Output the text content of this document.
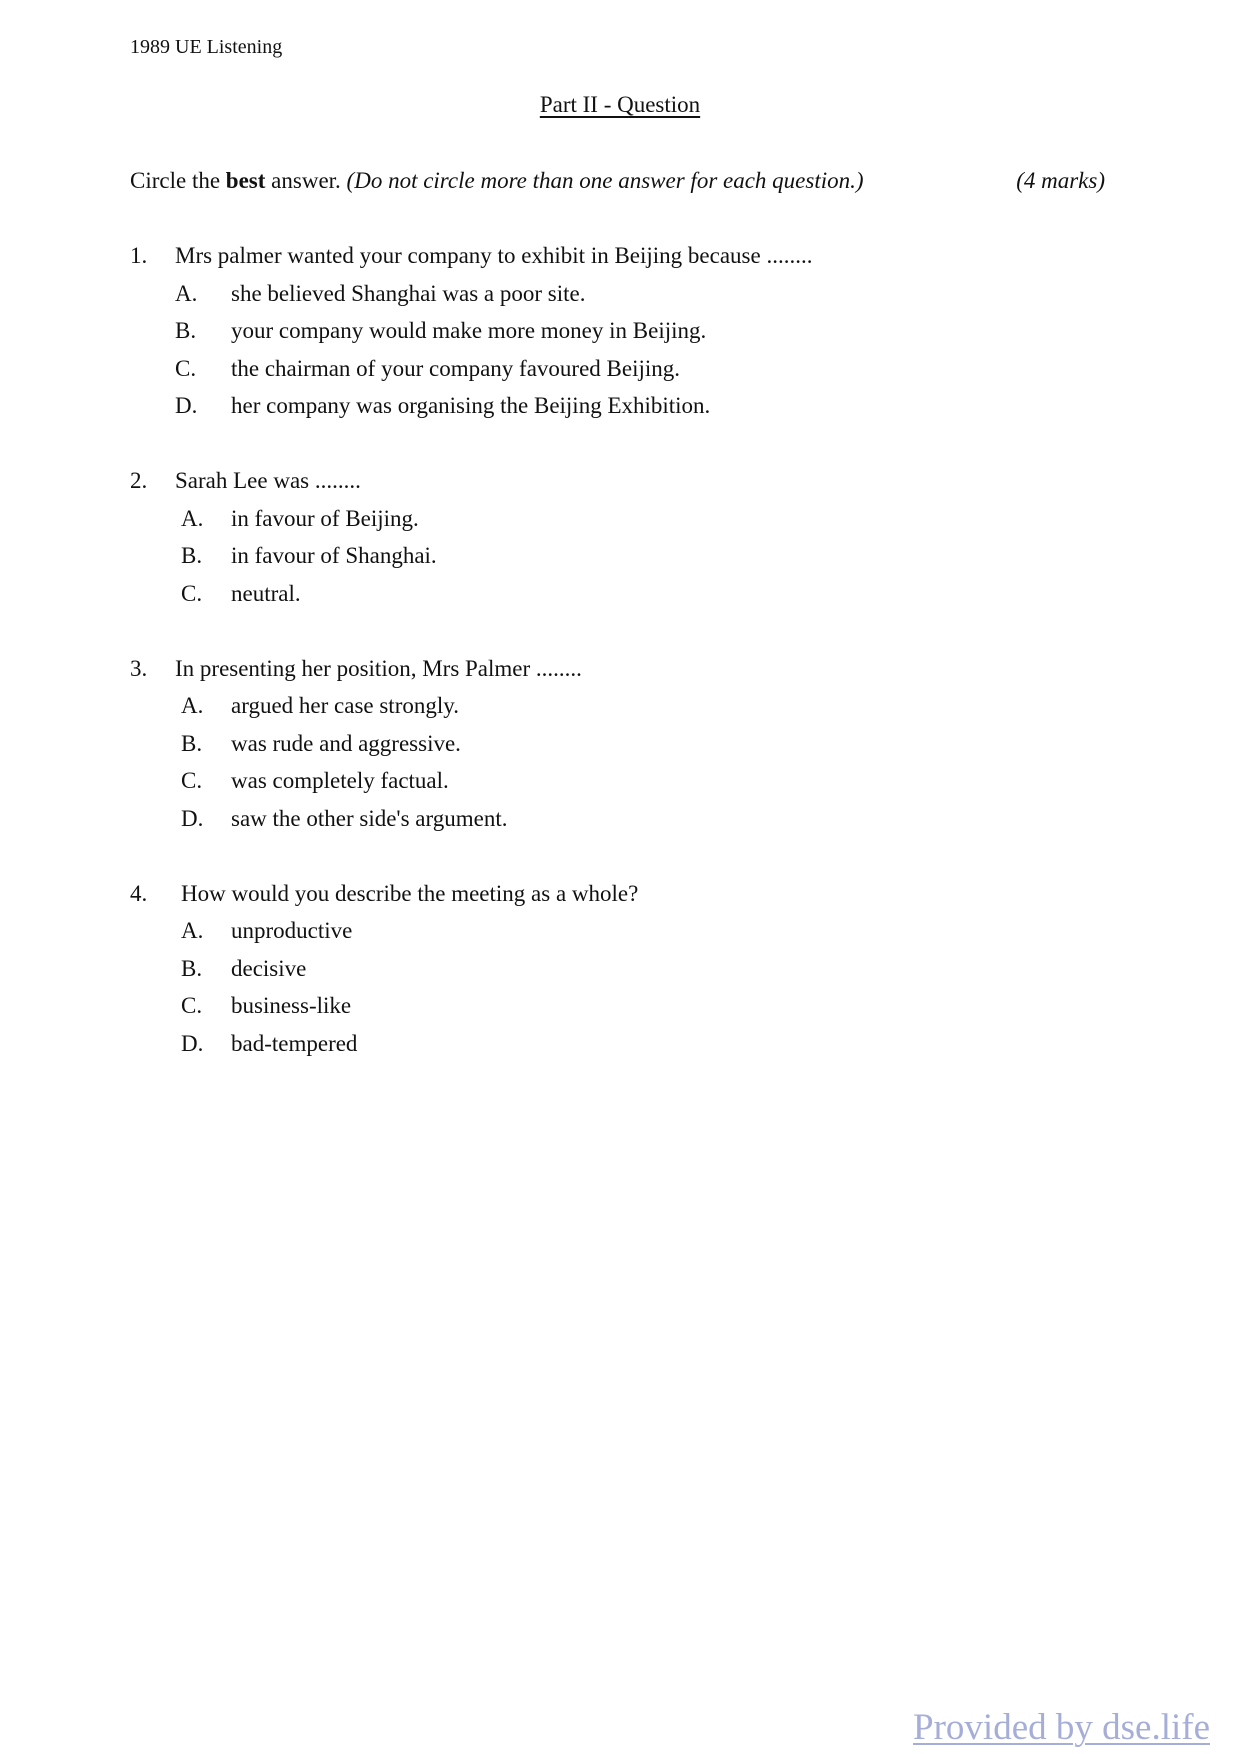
1989 UE Listening
Part II - Question
Circle the best answer. (Do not circle more than one answer for each question.)	(4 marks)
1.	Mrs palmer wanted your company to exhibit in Beijing because ........
A.	she believed Shanghai was a poor site.
B.	your company would make more money in Beijing.
C.	the chairman of your company favoured Beijing.
D.	her company was organising the Beijing Exhibition.
2.	Sarah Lee was ........
A.	in favour of Beijing.
B.	in favour of Shanghai.
C.	neutral.
3.	In presenting her position, Mrs Palmer ........
A.	argued her case strongly.
B.	was rude and aggressive.
C.	was completely factual.
D.	saw the other side's argument.
4.	How would you describe the meeting as a whole?
A.	unproductive
B.	decisive
C.	business-like
D.	bad-tempered
Provided by dse.life
